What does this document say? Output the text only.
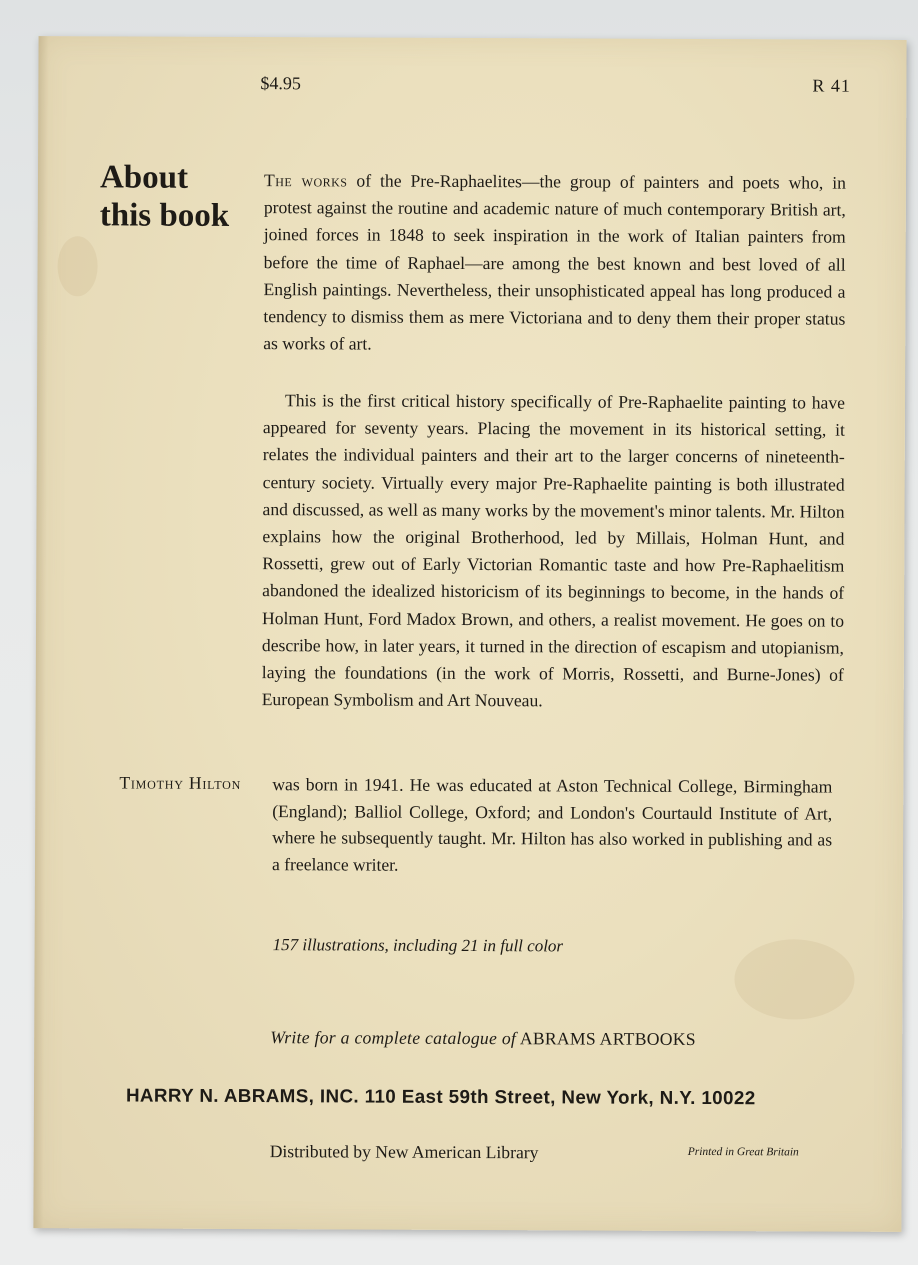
$4.95	R 41
About
this book
The works of the Pre-Raphaelites—the group of painters and poets who, in protest against the routine and academic nature of much contemporary British art, joined forces in 1848 to seek inspiration in the work of Italian painters from before the time of Raphael—are among the best known and best loved of all English paintings. Nevertheless, their unsophisticated appeal has long produced a tendency to dismiss them as mere Victoriana and to deny them their proper status as works of art.
This is the first critical history specifically of Pre-Raphaelite painting to have appeared for seventy years. Placing the movement in its historical setting, it relates the individual painters and their art to the larger concerns of nineteenth-century society. Virtually every major Pre-Raphaelite painting is both illustrated and discussed, as well as many works by the movement's minor talents. Mr. Hilton explains how the original Brotherhood, led by Millais, Holman Hunt, and Rossetti, grew out of Early Victorian Romantic taste and how Pre-Raphaelitism abandoned the idealized historicism of its beginnings to become, in the hands of Holman Hunt, Ford Madox Brown, and others, a realist movement. He goes on to describe how, in later years, it turned in the direction of escapism and utopianism, laying the foundations (in the work of Morris, Rossetti, and Burne-Jones) of European Symbolism and Art Nouveau.
Timothy Hilton was born in 1941. He was educated at Aston Technical College, Birmingham (England); Balliol College, Oxford; and London's Courtauld Institute of Art, where he subsequently taught. Mr. Hilton has also worked in publishing and as a freelance writer.
157 illustrations, including 21 in full color
Write for a complete catalogue of ABRAMS ARTBOOKS
HARRY N. ABRAMS, INC. 110 East 59th Street, New York, N.Y. 10022
Distributed by New American Library	Printed in Great Britain
